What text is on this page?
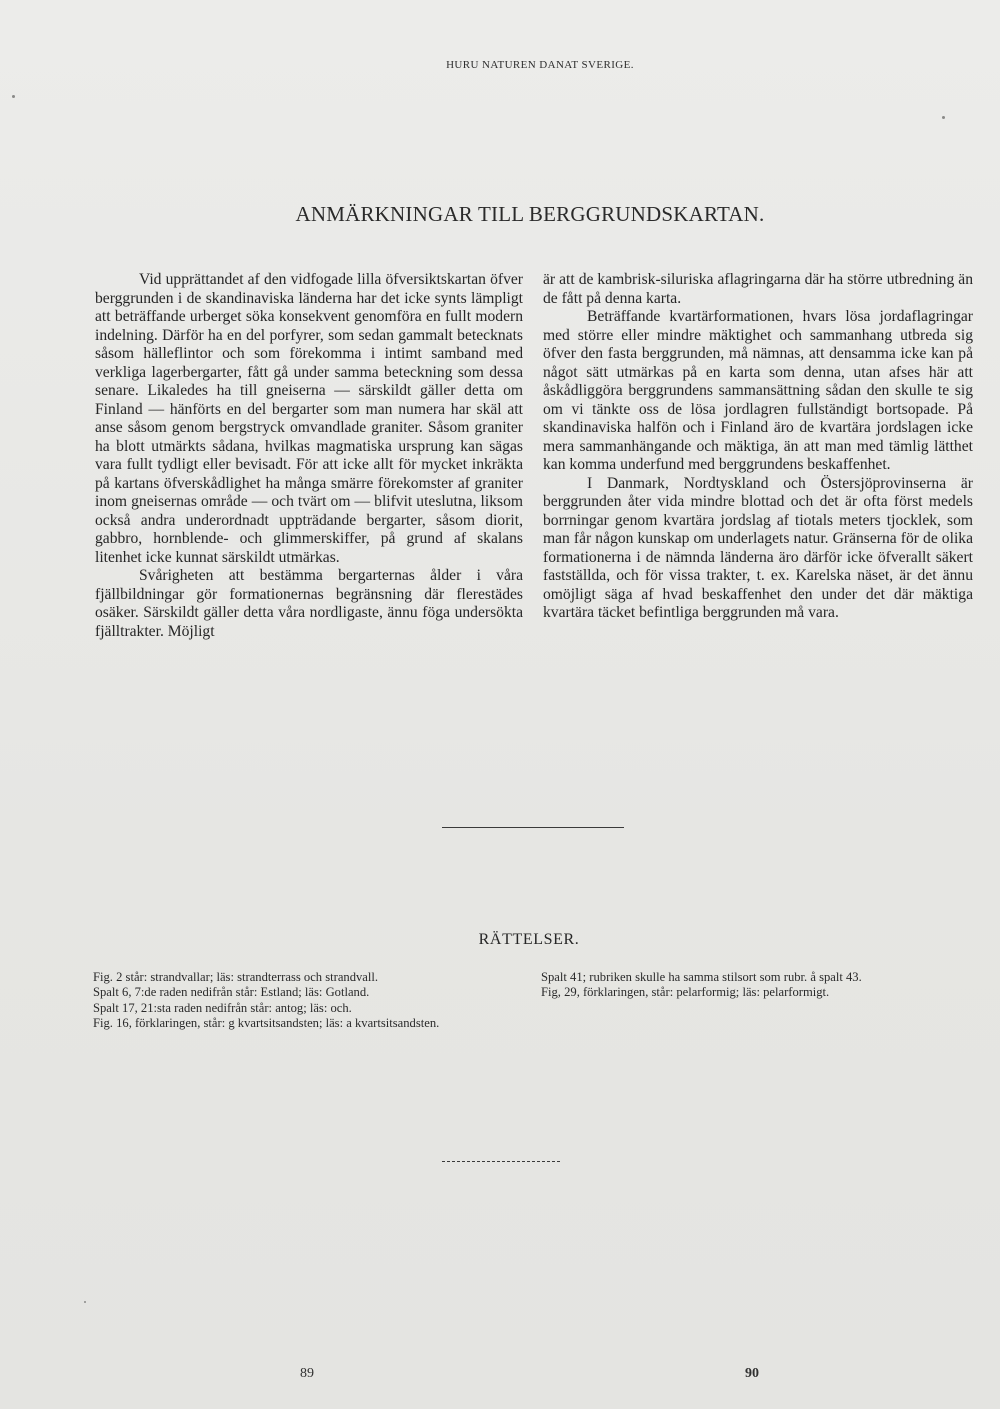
HURU NATUREN DANAT SVERIGE.
ANMÄRKNINGAR TILL BERGGRUNDSKARTAN.

Vid upprättandet af den vidfogade lilla öfversiktskartan öfver berggrunden i de skandinaviska länderna har det icke synts lämpligt att beträffande urberget söka konsekvent genomföra en fullt modern indelning. Därför ha en del porfyrer, som sedan gammalt betecknats såsom hälleflintor och som förekomma i intimt samband med verkliga lagerbergarter, fått gå under samma beteckning som dessa senare. Likaledes ha till gneiserna — särskildt gäller detta om Finland — hänförts en del bergarter som man numera har skäl att anse såsom genom bergstryck omvandlade graniter. Såsom graniter ha blott utmärkts sådana, hvilkas magmatiska ursprung kan sägas vara fullt tydligt eller bevisadt. För att icke allt för mycket inkräkta på kartans öfverskådlighet ha många smärre förekomster af graniter inom gneisernas område — och tvärt om — blifvit uteslutna, liksom också andra underordnadt uppträdande bergarter, såsom diorit, gabbro, hornblende- och glimmerskiffer, på grund af skalans litenhet icke kunnat särskildt utmärkas.

Svårigheten att bestämma bergarternas ålder i våra fjällbildningar gör formationernas begränsning där flerestädes osäker. Särskildt gäller detta våra nordligaste, ännu föga undersökta fjälltrakter. Möjligt

är att de kambrisk-siluriska aflagringarna där ha större utbredning än de fått på denna karta.

Beträffande kvartärformationen, hvars lösa jordaflagringar med större eller mindre mäktighet och sammanhang utbreda sig öfver den fasta berggrunden, må nämnas, att densamma icke kan på något sätt utmärkas på en karta som denna, utan afses här att åskådliggöra berggrundens sammansättning sådan den skulle te sig om vi tänkte oss de lösa jordlagren fullständigt bortsopade. På skandinaviska halfön och i Finland äro de kvartära jordslagen icke mera sammanhängande och mäktiga, än att man med tämlig lätthet kan komma underfund med berggrundens beskaffenhet.

I Danmark, Nordtyskland och Östersjöprovinserna är berggrunden åter vida mindre blottad och det är ofta först medels borrningar genom kvartära jordslag af tiotals meters tjocklek, som man får någon kunskap om underlagets natur. Gränserna för de olika formationerna i de nämnda länderna äro därför icke öfverallt säkert fastställda, och för vissa trakter, t. ex. Karelska näset, är det ännu omöjligt säga af hvad beskaffenhet den under det där mäktiga kvartära täcket befintliga berggrunden må vara.

RÄTTELSER.
Fig. 2 står: strandvallar; läs: strandterrass och strandvall.
Spalt 6, 7:de raden nedifrån står: Estland; läs: Gotland.
Spalt 17, 21:sta raden nedifrån står: antog; läs: och.
Fig. 16, förklaringen, står: g kvartsitsandsten; läs: a kvartsitsandsten.
Spalt 41; rubriken skulle ha samma stilsort som rubr. å spalt 43.
Fig, 29, förklaringen, står: pelarformig; läs: pelarformigt.
89	90
